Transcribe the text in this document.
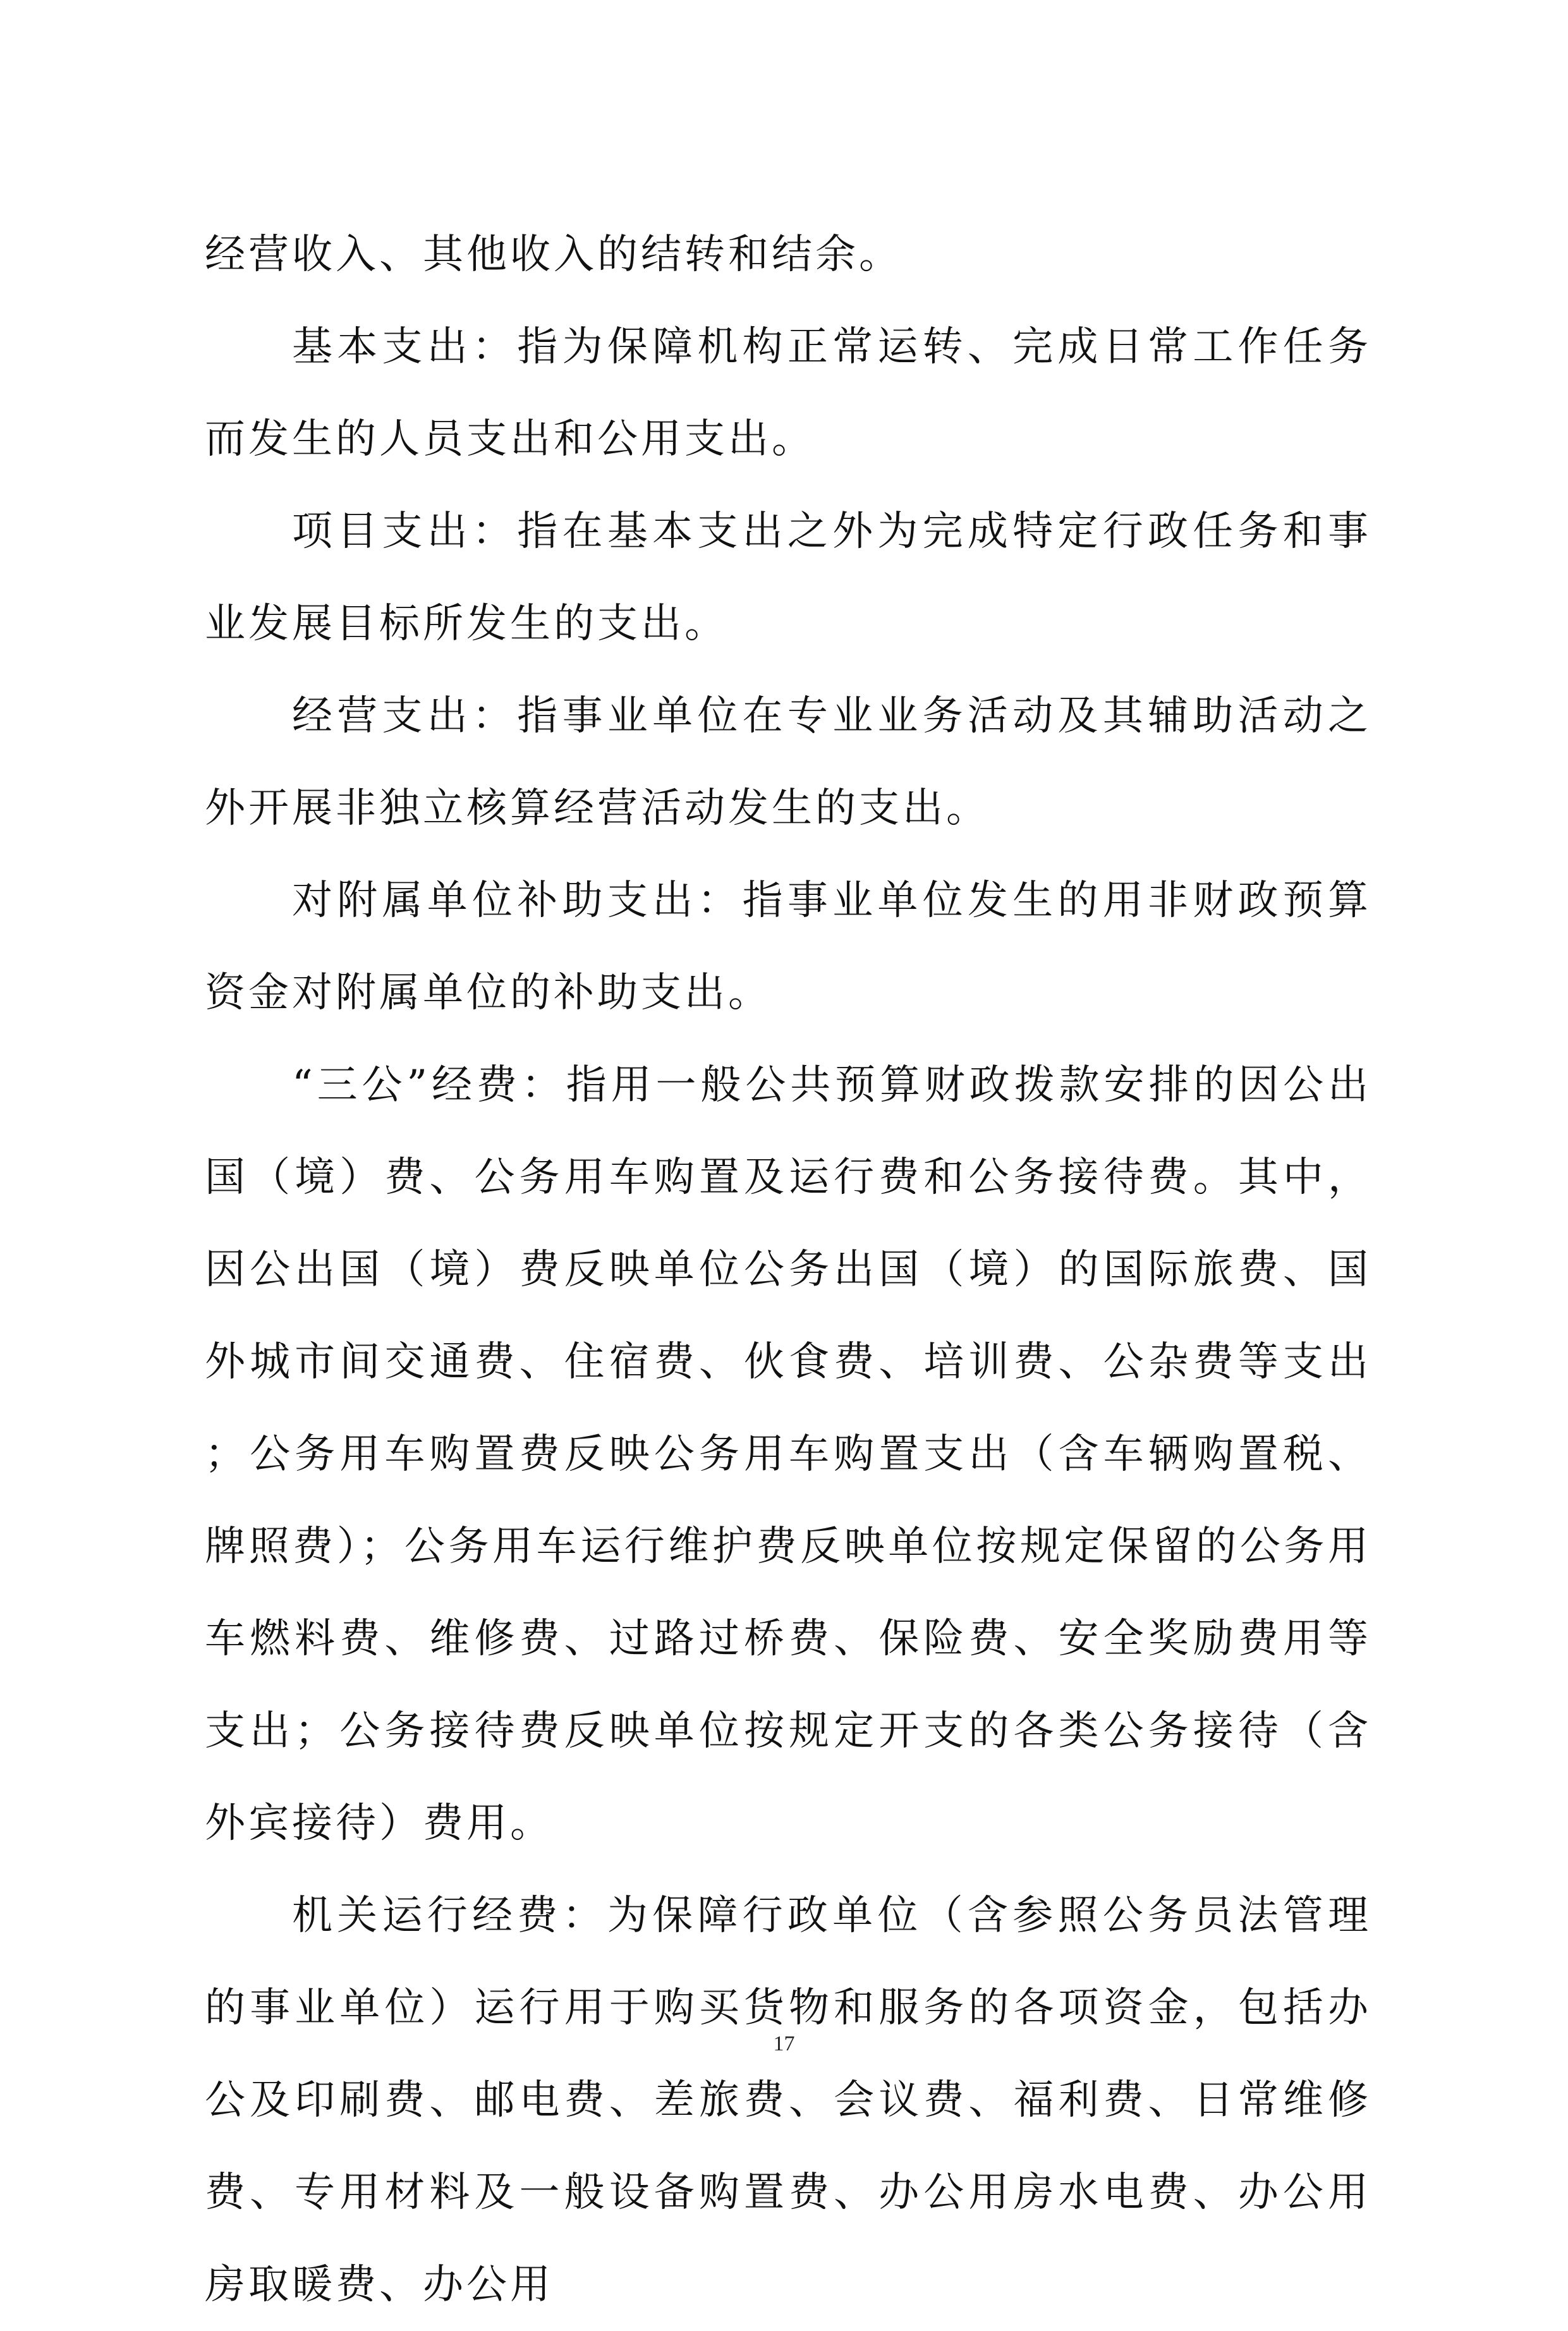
经营收入、其他收入的结转和结余。

基本支出：指为保障机构正常运转、完成日常工作任务而发生的人员支出和公用支出。

项目支出：指在基本支出之外为完成特定行政任务和事业发展目标所发生的支出。

经营支出：指事业单位在专业业务活动及其辅助活动之外开展非独立核算经营活动发生的支出。

对附属单位补助支出：指事业单位发生的用非财政预算资金对附属单位的补助支出。

“三公”经费：指用一般公共预算财政拨款安排的因公出国（境）费、公务用车购置及运行费和公务接待费。其中，因公出国（境）费反映单位公务出国（境）的国际旅费、国外城市间交通费、住宿费、伙食费、培训费、公杂费等支出；公务用车购置费反映公务用车购置支出（含车辆购置税、牌照费）；公务用车运行维护费反映单位按规定保留的公务用车燃料费、维修费、过路过桥费、保险费、安全奖励费用等支出；公务接待费反映单位按规定开支的各类公务接待（含外宾接待）费用。

机关运行经费：为保障行政单位（含参照公务员法管理的事业单位）运行用于购买货物和服务的各项资金，包括办公及印刷费、邮电费、差旅费、会议费、福利费、日常维修费、专用材料及一般设备购置费、办公用房水电费、办公用房取暖费、办公用

17
